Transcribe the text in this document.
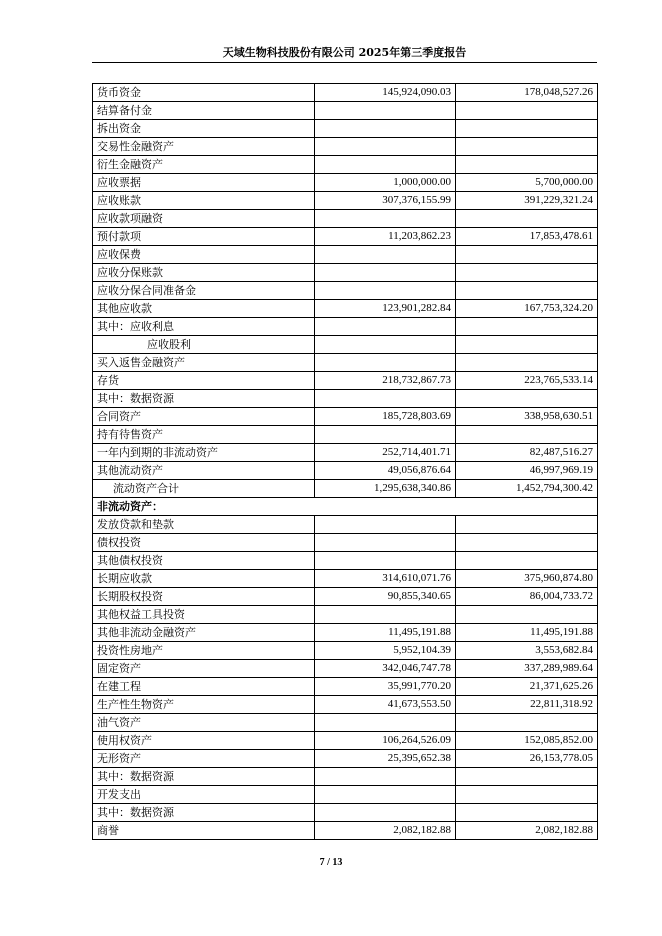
天域生物科技股份有限公司 2025年第三季度报告
货币资金	145,924,090.03	178,048,527.26
结算备付金		
拆出资金		
交易性金融资产		
衍生金融资产		
应收票据	1,000,000.00	5,700,000.00
应收账款	307,376,155.99	391,229,321.24
应收款项融资		
预付款项	11,203,862.23	17,853,478.61
应收保费		
应收分保账款		
应收分保合同准备金		
其他应收款	123,901,282.84	167,753,324.20
其中：应收利息		
应收股利		
买入返售金融资产		
存货	218,732,867.73	223,765,533.14
其中：数据资源		
合同资产	185,728,803.69	338,958,630.51
持有待售资产		
一年内到期的非流动资产	252,714,401.71	82,487,516.27
其他流动资产	49,056,876.64	46,997,969.19
流动资产合计	1,295,638,340.86	1,452,794,300.42
非流动资产：		
发放贷款和垫款		
债权投资		
其他债权投资		
长期应收款	314,610,071.76	375,960,874.80
长期股权投资	90,855,340.65	86,004,733.72
其他权益工具投资		
其他非流动金融资产	11,495,191.88	11,495,191.88
投资性房地产	5,952,104.39	3,553,682.84
固定资产	342,046,747.78	337,289,989.64
在建工程	35,991,770.20	21,371,625.26
生产性生物资产	41,673,553.50	22,811,318.92
油气资产		
使用权资产	106,264,526.09	152,085,852.00
无形资产	25,395,652.38	26,153,778.05
其中：数据资源		
开发支出		
其中：数据资源		
商誉	2,082,182.88	2,082,182.88
7 / 13
